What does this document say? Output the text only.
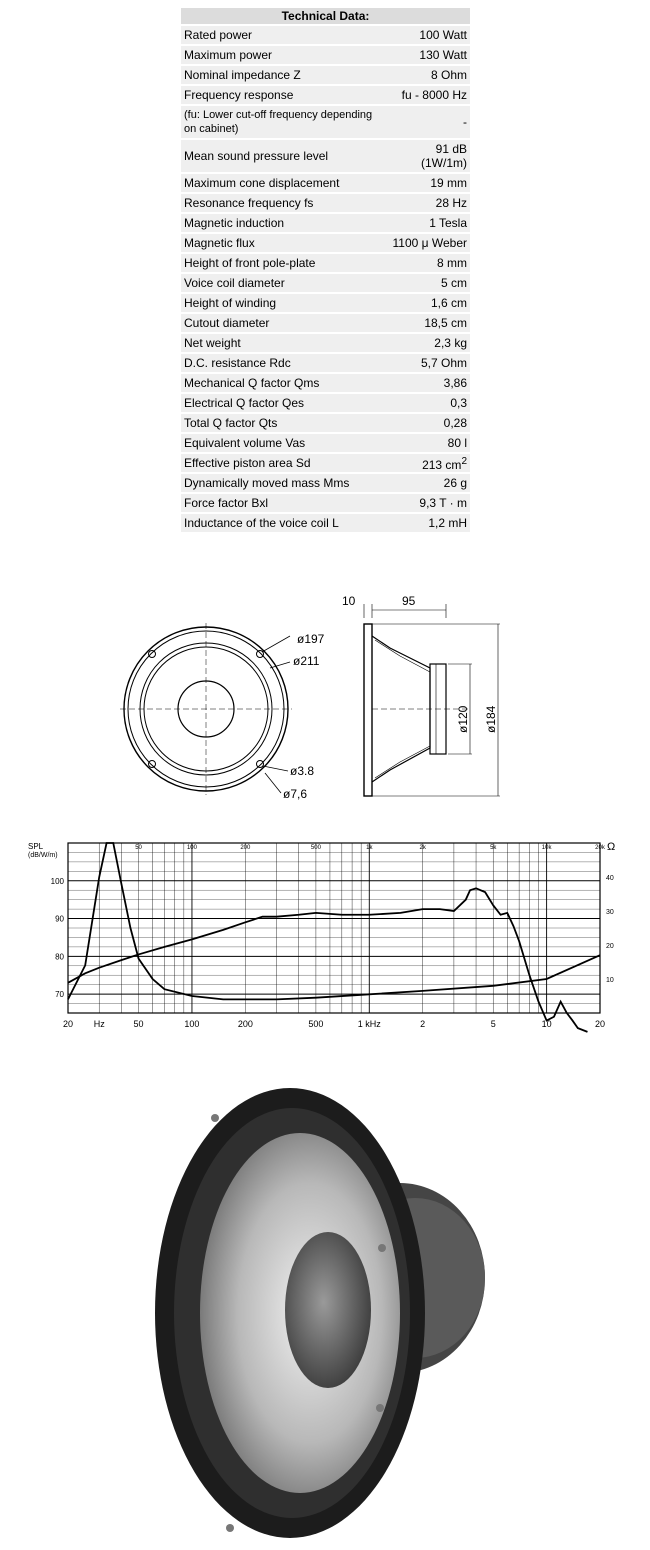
Technical Data:	
Rated power	100 Watt
Maximum power	130 Watt
Nominal impedance Z	8 Ohm
Frequency response	fu - 8000 Hz
(fu: Lower cut-off frequency depending on cabinet)	-
Mean sound pressure level	91 dB (1W/1m)
Maximum cone displacement	19 mm
Resonance frequency fs	28 Hz
Magnetic induction	1 Tesla
Magnetic flux	1100 μ Weber
Height of front pole-plate	8 mm
Voice coil diameter	5 cm
Height of winding	1,6 cm
Cutout diameter	18,5 cm
Net weight	2,3 kg
D.C. resistance Rdc	5,7 Ohm
Mechanical Q factor Qms	3,86
Electrical Q factor Qes	0,3
Total Q factor Qts	0,28
Equivalent volume Vas	80 l
Effective piston area Sd	213 $cm^2$
Dynamically moved mass Mms	26 g
Force factor Bxl	9,3 T · m
Inductance of the voice coil L	1,2 mH
ø197
ø211
ø3.8
ø7,6
10	95
ø120 ø184
SPL
(dB/W/m)
Ω
20 Hz	50	100	200	500	1 kHz	2	5	10	20
50	100	200	500	1k	2k	5k	10k	20k
70
80
90
100
10
20
30
40
